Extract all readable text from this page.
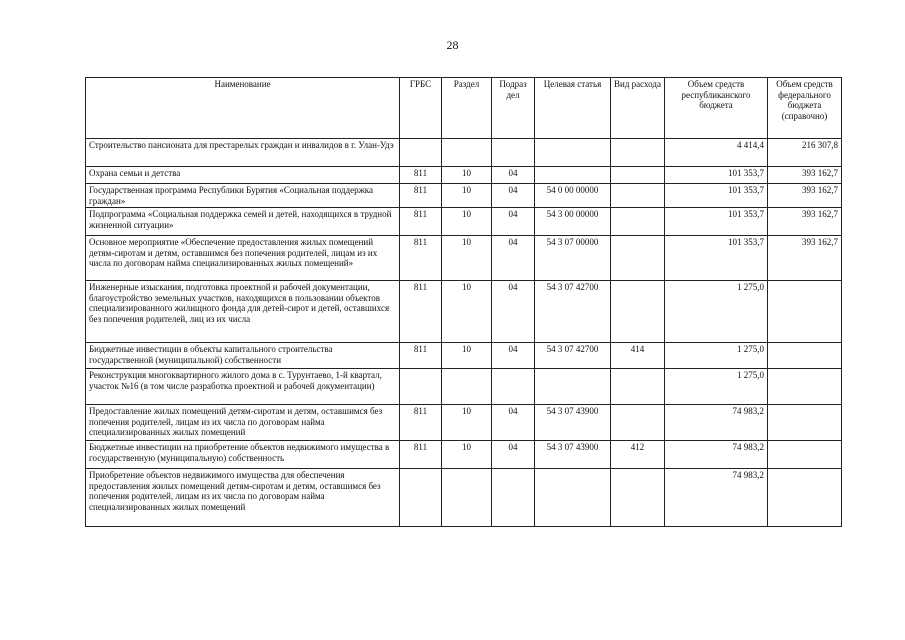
28
Наименование	ГРБС	Раздел	Подраз дел	Целевая статья	Вид расхода	Объем средств республиканского бюджета	Объем средств федерального бюджета (справочно)
Строительство пансионата для престарелых граждан и инвалидов в г. Улан-Удэ						4 414,4	216 307,8
Охрана семьи и детства	811	10	04			101 353,7	393 162,7
Государственная программа Республики Бурятия «Социальная поддержка граждан»	811	10	04	54 0 00 00000		101 353,7	393 162,7
Подпрограмма «Социальная поддержка семей и детей, находящихся в трудной жизненной ситуации»	811	10	04	54 3 00 00000		101 353,7	393 162,7
Основное мероприятие «Обеспечение предоставления жилых помещений детям-сиротам и детям, оставшимся без попечения родителей, лицам из их числа по договорам найма специализированных жилых помещений»	811	10	04	54 3 07 00000		101 353,7	393 162,7
Инженерные изыскания, подготовка проектной и рабочей документации, благоустройство земельных участков, находящихся в пользовании объектов специализированного жилищного фонда для детей-сирот и детей, оставшихся без попечения родителей, лиц из их числа	811	10	04	54 3 07 42700		1 275,0	
Бюджетные инвестиции в объекты капитального строительства государственной (муниципальной) собственности	811	10	04	54 3 07 42700	414	1 275,0	
Реконструкция многоквартирного жилого дома в с. Турунтаево, 1-й квартал, участок №16 (в том числе разработка проектной и рабочей документации)						1 275,0	
Предоставление жилых помещений детям-сиротам и детям, оставшимся без попечения родителей, лицам из их числа по договорам найма специализированных жилых помещений	811	10	04	54 3 07 43900		74 983,2	
Бюджетные инвестиции на приобретение объектов недвижимого имущества в государственную (муниципальную) собственность	811	10	04	54 3 07 43900	412	74 983,2	
Приобретение объектов недвижимого имущества для обеспечения предоставления жилых помещений детям-сиротам и детям, оставшимся без попечения родителей, лицам из их числа по договорам найма специализированных жилых помещений						74 983,2	
